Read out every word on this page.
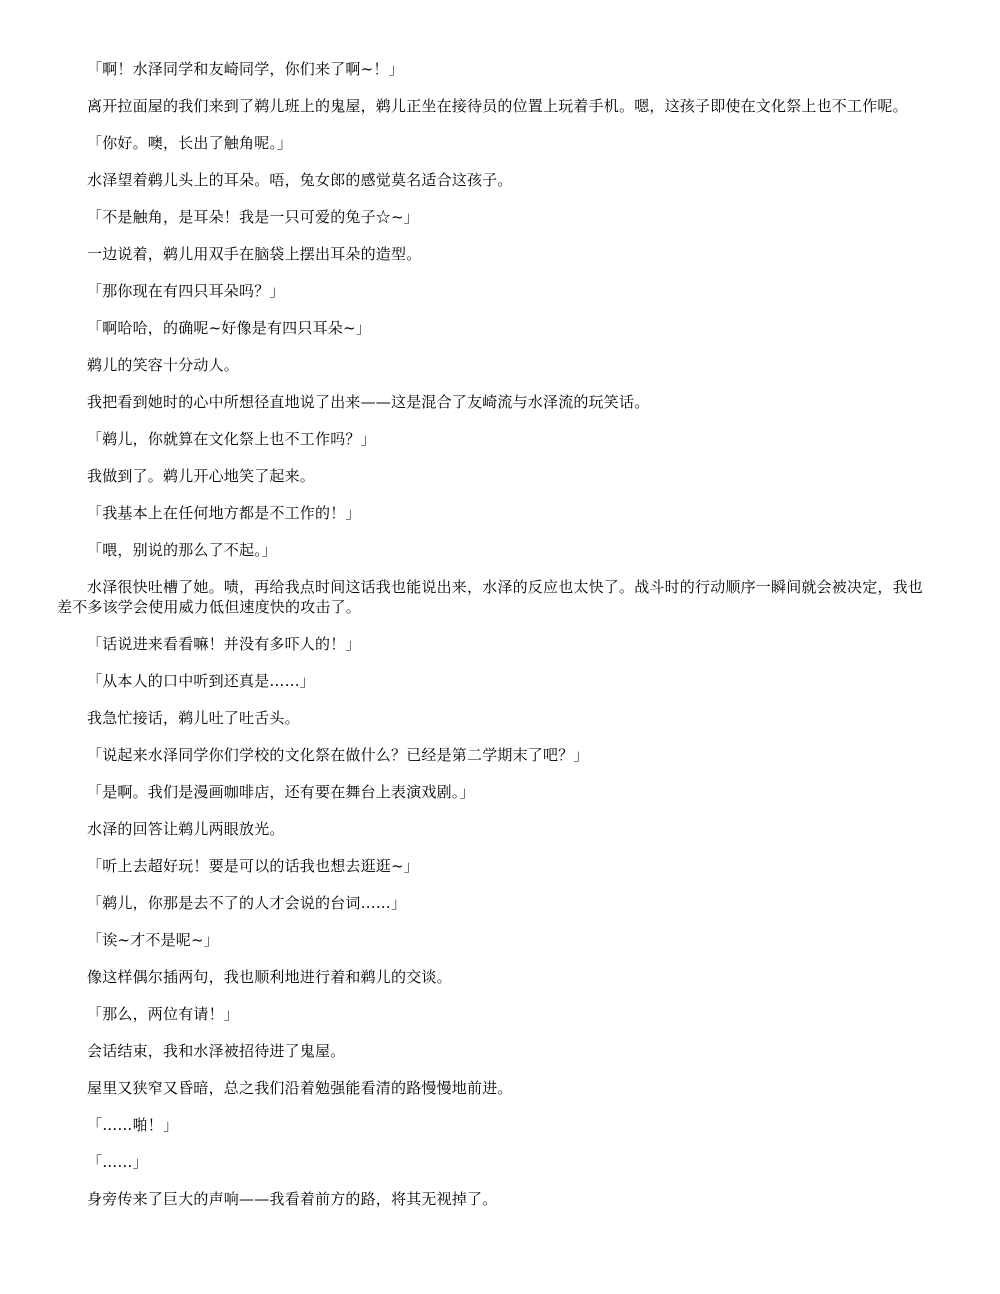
「啊！水泽同学和友崎同学，你们来了啊~！」

离开拉面屋的我们来到了鹈儿班上的鬼屋，鹈儿正坐在接待员的位置上玩着手机。嗯，这孩子即使在文化祭上也不工作呢。

「你好。噢，长出了触角呢。」

水泽望着鹈儿头上的耳朵。唔，兔女郎的感觉莫名适合这孩子。

「不是触角，是耳朵！我是一只可爱的兔子☆~」

一边说着，鹈儿用双手在脑袋上摆出耳朵的造型。

「那你现在有四只耳朵吗？」

「啊哈哈，的确呢~好像是有四只耳朵~」

鹈儿的笑容十分动人。

我把看到她时的心中所想径直地说了出来——这是混合了友崎流与水泽流的玩笑话。

「鹈儿，你就算在文化祭上也不工作吗？」

我做到了。鹈儿开心地笑了起来。

「我基本上在任何地方都是不工作的！」

「喂，别说的那么了不起。」

水泽很快吐槽了她。啧，再给我点时间这话我也能说出来，水泽的反应也太快了。战斗时的行动顺序一瞬间就会被决定，我也差不多该学会使用威力低但速度快的攻击了。

「话说进来看看嘛！并没有多吓人的！」

「从本人的口中听到还真是……」

我急忙接话，鹈儿吐了吐舌头。

「说起来水泽同学你们学校的文化祭在做什么？已经是第二学期末了吧？」

「是啊。我们是漫画咖啡店，还有要在舞台上表演戏剧。」

水泽的回答让鹈儿两眼放光。

「听上去超好玩！要是可以的话我也想去逛逛~」

「鹈儿，你那是去不了的人才会说的台词……」

「诶~才不是呢~」

像这样偶尔插两句，我也顺利地进行着和鹈儿的交谈。

「那么，两位有请！」

会话结束，我和水泽被招待进了鬼屋。

屋里又狭窄又昏暗，总之我们沿着勉强能看清的路慢慢地前进。

「……啪！」

「……」

身旁传来了巨大的声响——我看着前方的路，将其无视掉了。
